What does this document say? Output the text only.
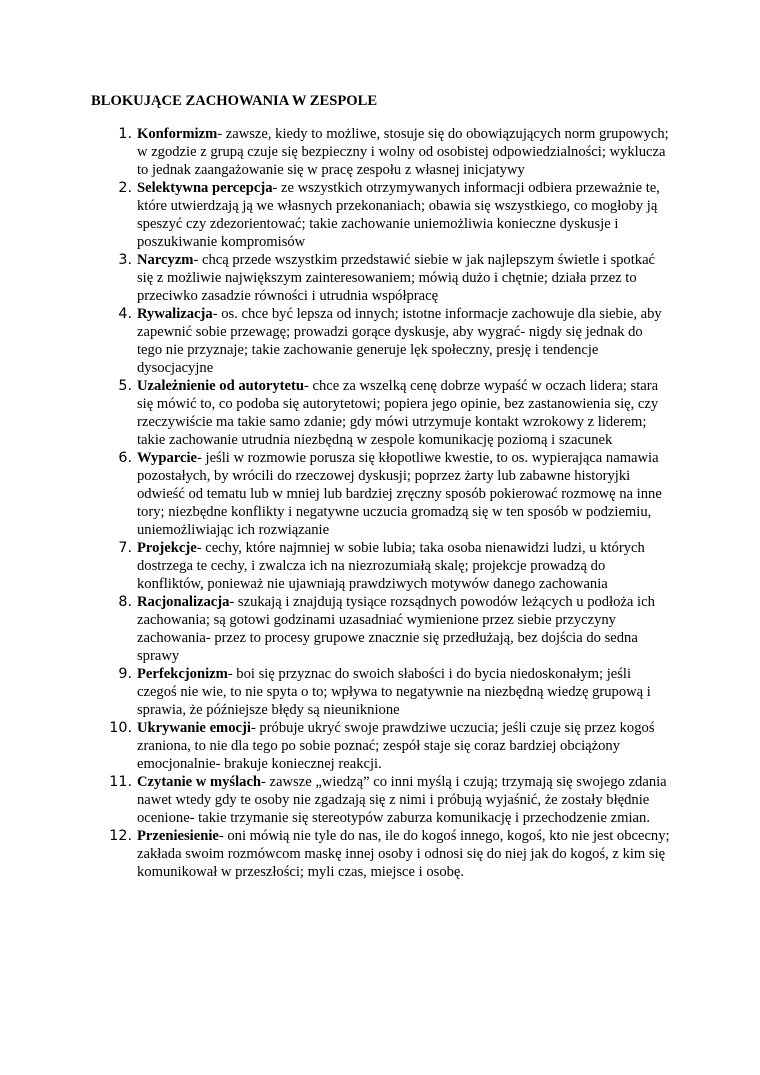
BLOKUJĄCE ZACHOWANIA W ZESPOLE
1. Konformizm- zawsze, kiedy to możliwe, stosuje się do obowiązujących norm grupowych; w zgodzie z grupą czuje się bezpieczny i wolny od osobistej odpowiedzialności; wyklucza to jednak zaangażowanie się w pracę zespołu z własnej inicjatywy
2. Selektywna percepcja- ze wszystkich otrzymywanych informacji odbiera przeważnie te, które utwierdzają ją we własnych przekonaniach; obawia się wszystkiego, co mogłoby ją speszyć czy zdezorientować; takie zachowanie uniemożliwia konieczne dyskusje i poszukiwanie kompromisów
3. Narcyzm- chcą przede wszystkim przedstawić siebie w jak najlepszym świetle i spotkać się z możliwie największym zainteresowaniem; mówią dużo i chętnie; działa przez to przeciwko zasadzie równości i utrudnia współpracę
4. Rywalizacja- os. chce być lepsza od innych; istotne informacje zachowuje dla siebie, aby zapewnić sobie przewagę; prowadzi gorące dyskusje, aby wygrać- nigdy się jednak do tego nie przyznaje; takie zachowanie generuje lęk społeczny, presję i tendencje dysocjacyjne
5. Uzależnienie od autorytetu- chce za wszelką cenę dobrze wypaść w oczach lidera; stara się mówić to, co podoba się autorytetowi; popiera jego opinie, bez zastanowienia się, czy rzeczywiście ma takie samo zdanie; gdy mówi utrzymuje kontakt wzrokowy z liderem; takie zachowanie utrudnia niezbędną w zespole komunikację poziomą i szacunek
6. Wyparcie- jeśli w rozmowie porusza się kłopotliwe kwestie, to os. wypierająca namawia pozostałych, by wrócili do rzeczowej dyskusji; poprzez żarty lub zabawne historyjki odwieść od tematu lub w mniej lub bardziej zręczny sposób pokierować rozmowę na inne tory; niezbędne konflikty i negatywne uczucia gromadzą się w ten sposób w podziemiu, uniemożliwiając ich rozwiązanie
7. Projekcje- cechy, które najmniej w sobie lubia; taka osoba nienawidzi ludzi, u których dostrzega te cechy, i zwalcza ich na niezrozumiałą skalę; projekcje prowadzą do konfliktów, ponieważ nie ujawniają prawdziwych motywów danego zachowania
8. Racjonalizacja- szukają i znajdują tysiące rozsądnych powodów leżących u podłoża ich zachowania; są gotowi godzinami uzasadniać wymienione przez siebie przyczyny zachowania- przez to procesy grupowe znacznie się przedłużają, bez dojścia do sedna sprawy
9. Perfekcjonizm- boi się przyznac do swoich słabości i do bycia niedoskonałym; jeśli czegoś nie wie, to nie spyta o to; wpływa to negatywnie na niezbędną wiedzę grupową i sprawia, że późniejsze błędy są nieuniknione
10. Ukrywanie emocji- próbuje ukryć swoje prawdziwe uczucia; jeśli czuje się przez kogoś zraniona, to nie dla tego po sobie poznać; zespół staje się coraz bardziej obciążony emocjonalnie- brakuje koniecznej reakcji.
11. Czytanie w myślach- zawsze „wiedzą” co inni myślą i czują; trzymają się swojego zdania nawet wtedy gdy te osoby nie zgadzają się z nimi i próbują wyjaśnić, że zostały błędnie ocenione- takie trzymanie się stereotypów zaburza komunikację i przechodzenie zmian.
12. Przeniesienie- oni mówią nie tyle do nas, ile do kogoś innego, kogoś, kto nie jest obcecny; zakłada swoim rozmówcom maskę innej osoby i odnosi się do niej jak do kogoś, z kim się komunikował w przeszłości; myli czas, miejsce i osobę.
